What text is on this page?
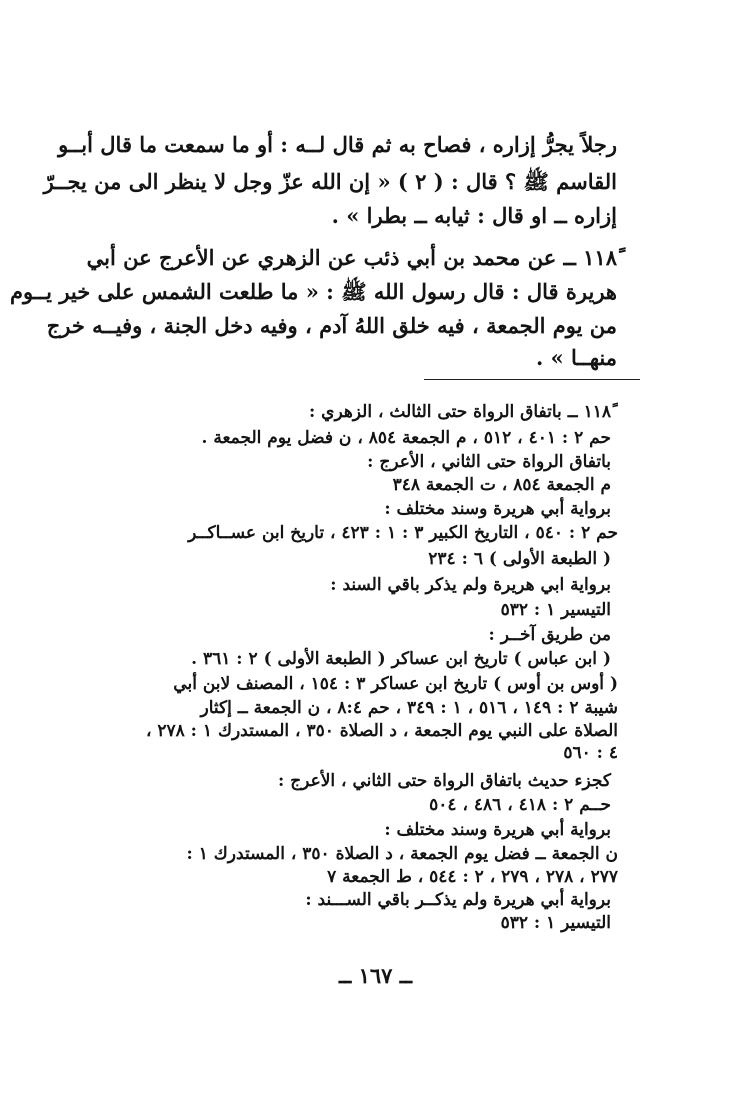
رجلاً يجرُّ إزاره ، فصاح به ثم قال لــه : أو ما سمعت ما قال أبــو
القاسم ﷺ ؟ قال : ( ٢ ) « إن الله عزّ وجل لا ينظر الى من يجــرّ
إزاره ــ او قال : ثيابه ــ بطرا » .
١١٨ً ــ عن محمد بن أبي ذئب عن الزهري عن الأعرج عن أبي
هريرة قال : قال رسول الله ﷺ : « ما طلعت الشمس على خير يــوم
من يوم الجمعة ، فيه خلق اللهُ آدم ، وفيه دخل الجنة ، وفيــه خرج
منهــا » .
١١٨ً ــ باتفاق الرواة حتى الثالث ، الزهري :
حم ٢ : ٤٠١ ، ٥١٢ ، م الجمعة ٨٥٤ ، ن فضل يوم الجمعة .
باتفاق الرواة حتى الثاني ، الأعرج :
م الجمعة ٨٥٤ ، ت الجمعة ٣٤٨
برواية أبي هريرة وسند مختلف :
حم ٢ : ٥٤٠ ، التاريخ الكبير ٣ : ١ : ٤٢٣ ، تاريخ ابن عســاكــر
( الطبعة الأولى ) ٦ : ٢٣٤
برواية ابي هريرة ولم يذكر باقي السند :
التيسير ١ : ٥٣٢
من طريق آخــر :
( ابن عباس ) تاريخ ابن عساكر ( الطبعة الأولى ) ٢ : ٣٦١ .
( أوس بن أوس ) تاريخ ابن عساكر ٣ : ١٥٤ ، المصنف لابن أبي
شيبة ٢ : ١٤٩ ، ٥١٦ ، ١ : ٣٤٩ ، حم ٨:٤ ، ن الجمعة ــ إكثار
الصلاة على النبي يوم الجمعة ، د الصلاة ٣٥٠ ، المستدرك ١ : ٢٧٨ ،
٤ : ٥٦٠
كجزء حديث باتفاق الرواة حتى الثاني ، الأعرج :
حــم ٢ : ٤١٨ ، ٤٨٦ ، ٥٠٤
برواية أبي هريرة وسند مختلف :
ن الجمعة ــ فضل يوم الجمعة ، د الصلاة ٣٥٠ ، المستدرك ١ :
٢٧٧ ، ٢٧٨ ، ٢٧٩ ، ٢ : ٥٤٤ ، ط الجمعة ٧
برواية أبي هريرة ولم يذكــر باقي الســـند :
التيسير ١ : ٥٣٢
ــ ١٦٧ ــ
